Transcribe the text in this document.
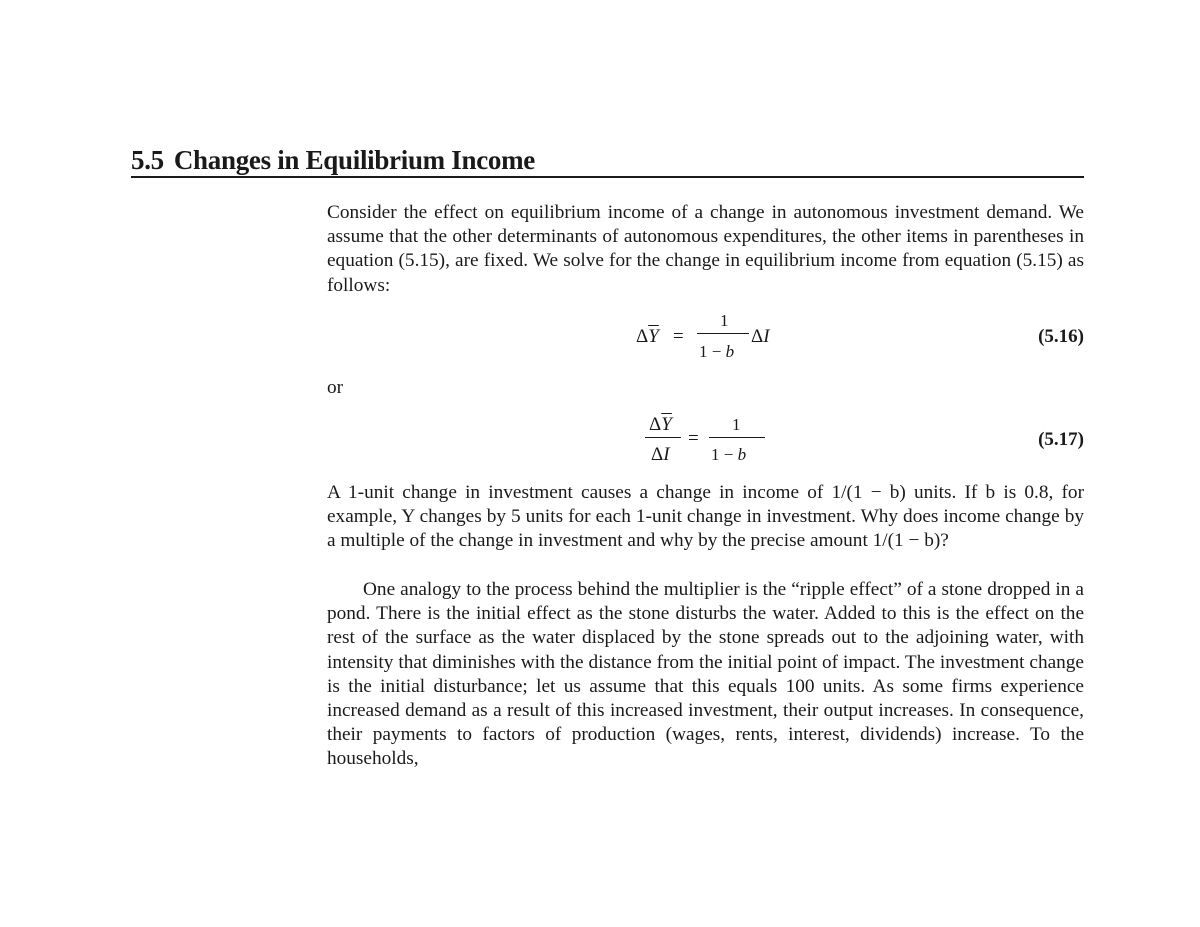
5.5 Changes in Equilibrium Income

Consider the effect on equilibrium income of a change in autonomous investment demand. We assume that the other determinants of autonomous expenditures, the other items in parentheses in equation (5.15), are fixed. We solve for the change in equilibrium income from equation (5.15) as follows:

$\Delta\overline{Y}$ =
1
1 − b
ΔI	(5.16)
or
$\Delta\overline{Y}$
ΔI
=
1
1 − b
(5.17)

A 1-unit change in investment causes a change in income of 1/(1 − b) units. If b is 0.8, for example, Y changes by 5 units for each 1-unit change in investment. Why does income change by a multiple of the change in investment and why by the precise amount 1/(1 − b)?

One analogy to the process behind the multiplier is the “ripple effect” of a stone dropped in a pond. There is the initial effect as the stone disturbs the water. Added to this is the effect on the rest of the surface as the water displaced by the stone spreads out to the adjoining water, with intensity that diminishes with the distance from the initial point of impact. The investment change is the initial disturbance; let us assume that this equals 100 units. As some firms experience increased demand as a result of this increased investment, their output increases. In consequence, their payments to factors of production (wages, rents, interest, dividends) increase. To the households,
